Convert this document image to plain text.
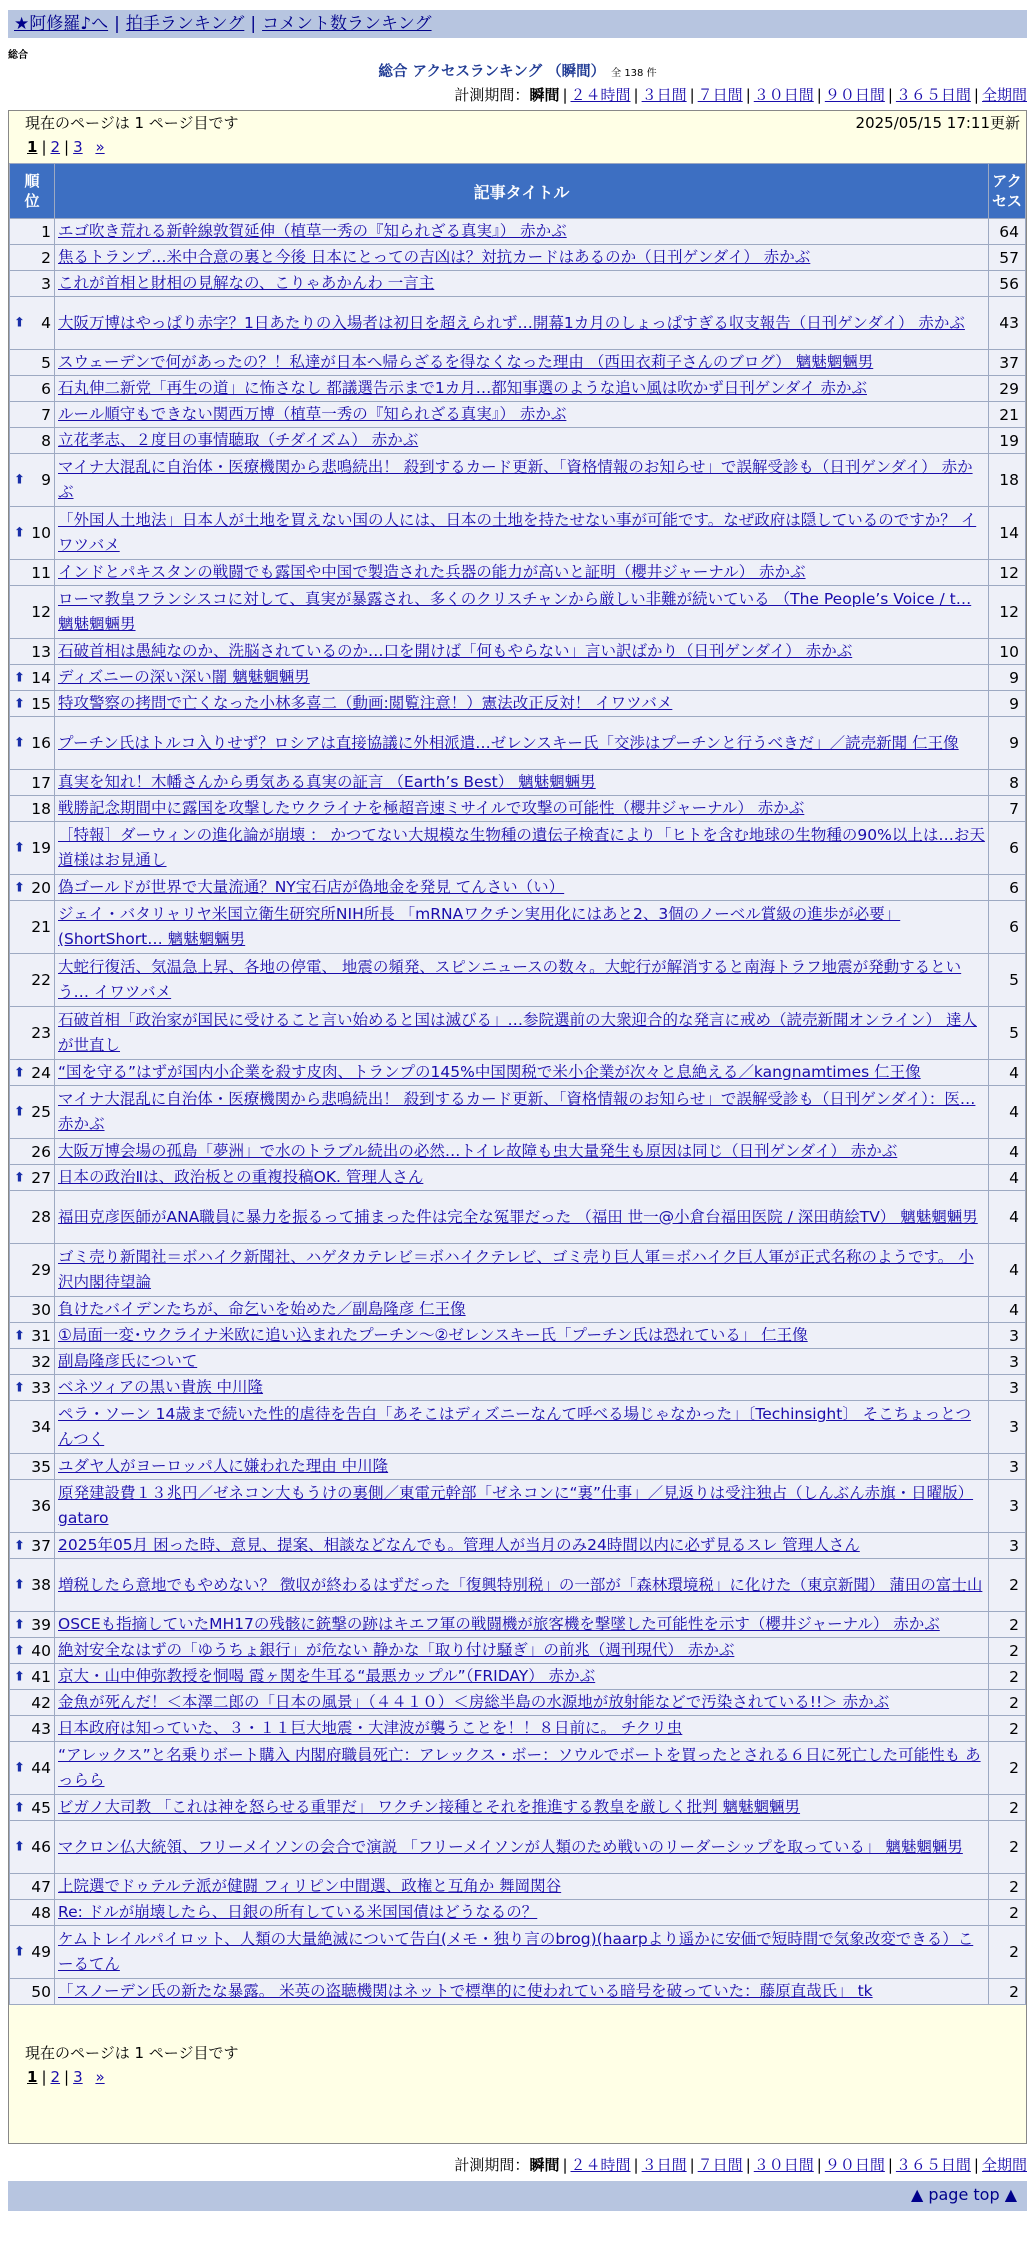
★阿修羅♪へ | 拍手ランキング | コメント数ランキング
総合
総合 アクセスランキング （瞬間） 全 138 件
計測期間：瞬間 | ２４時間 | ３日間 | ７日間 | ３０日間 | ９０日間 | ３６５日間 | 全期間
現在のページは 1 ページ目です	2025/05/15 17:11更新
1 | 2 | 3 »
順位	記事タイトル	アクセス
1	エゴ吹き荒れる新幹線敦賀延伸（植草一秀の『知られざる真実』） 赤かぶ	64
2	焦るトランプ…米中合意の裏と今後 日本にとっての吉凶は？対抗カードはあるのか（日刊ゲンダイ） 赤かぶ	57
3	これが首相と財相の見解なの、こりゃあかんわ 一言主	56

⬆ 4	大阪万博はやっぱり赤字？1日あたりの入場者は初日を超えられず…開幕1カ月のしょっぱすぎる収支報告（日刊ゲンダイ） 赤かぶ	43
5	スウェーデンで何があったの？！私達が日本へ帰らざるを得なくなった理由 （西田衣莉子さんのブログ） 魑魅魍魎男	37
6	石丸伸二新党「再生の道」に怖さなし 都議選告示まで1カ月…都知事選のような追い風は吹かず日刊ゲンダイ 赤かぶ	29
7	ルール順守もできない関西万博（植草一秀の『知られざる真実』） 赤かぶ	21
8	立花孝志、２度目の事情聴取（チダイズム） 赤かぶ	19

⬆ 9	マイナ大混乱に自治体・医療機関から悲鳴続出！ 殺到するカード更新、「資格情報のお知らせ」で誤解受診も（日刊ゲンダイ） 赤かぶ	18

⬆ 10	「外国人土地法」日本人が土地を買えない国の人には、日本の土地を持たせない事が可能です。なぜ政府は隠しているのですか？ イワツバメ	14
11	インドとパキスタンの戦闘でも露国や中国で製造された兵器の能力が高いと証明（櫻井ジャーナル） 赤かぶ	12
12	ローマ教皇フランシスコに対して、真実が暴露され、多くのクリスチャンから厳しい非難が続いている （The People’s Voice / t… 魑魅魍魎男	12
13	石破首相は愚純なのか、洗脳されているのか…口を開けば「何もやらない」言い訳ばかり（日刊ゲンダイ） 赤かぶ	10

⬆ 14	ディズニーの深い深い闇 魑魅魍魎男	9

⬆ 15	特攻警察の拷問で亡くなった小林多喜二（動画:閲覧注意！）憲法改正反対！ イワツバメ	9

⬆ 16	プーチン氏はトルコ入りせず？ロシアは直接協議に外相派遣…ゼレンスキー氏「交渉はプーチンと行うべきだ」／読売新聞 仁王像	9
17	真実を知れ！木幡さんから勇気ある真実の証言 （Earth’s Best） 魑魅魍魎男	8
18	戦勝記念期間中に露国を攻撃したウクライナを極超音速ミサイルで攻撃の可能性（櫻井ジャーナル） 赤かぶ	7

⬆ 19	［特報］ダーウィンの進化論が崩壊 ： かつてない大規模な生物種の遺伝子検査により「ヒトを含む地球の生物種の90%以上は…お天道様はお見通し	6

⬆ 20	偽ゴールドが世界で大量流通？NY宝石店が偽地金を発見 てんさい（い）	6
21	ジェイ・バタリャリヤ米国立衛生研究所NIH所長 「mRNAワクチン実用化にはあと2、3個のノーベル賞級の進歩が必要」 (ShortShort… 魑魅魍魎男	6
22	大蛇行復活、気温急上昇、各地の停電、 地震の頻発、スピンニュースの数々。大蛇行が解消すると南海トラフ地震が発動するという… イワツバメ	5
23	石破首相「政治家が国民に受けること言い始めると国は滅びる」…参院選前の大衆迎合的な発言に戒め（読売新聞オンライン） 達人が世直し	5

⬆ 24	“国を守る”はずが国内小企業を殺す皮肉、トランプの145%中国関税で米小企業が次々と息絶える／kangnamtimes 仁王像	4

⬆ 25	マイナ大混乱に自治体・医療機関から悲鳴続出！ 殺到するカード更新、「資格情報のお知らせ」で誤解受診も（日刊ゲンダイ）：医… 赤かぶ	4
26	大阪万博会場の孤島「夢洲」で水のトラブル続出の必然…トイレ故障も虫大量発生も原因は同じ（日刊ゲンダイ） 赤かぶ	4

⬆ 27	日本の政治Ⅱは、政治板との重複投稿OK. 管理人さん	4
28	福田克彦医師がANA職員に暴力を振るって捕まった件は完全な冤罪だった （福田 世一@小倉台福田医院 / 深田萌絵TV） 魑魅魍魎男	4
29	ゴミ売り新聞社＝ボハイク新聞社、ハゲタカテレビ＝ボハイクテレビ、ゴミ売り巨人軍＝ボハイク巨人軍が正式名称のようです。 小沢内閣待望論	4
30	負けたバイデンたちが、命乞いを始めた／副島隆彦 仁王像	4

⬆ 31	①局面一変･ウクライナ米欧に追い込まれたプーチン～②ゼレンスキー氏「プーチン氏は恐れている」 仁王像	3
32	副島隆彦氏について	3

⬆ 33	ベネツィアの黒い貴族 中川隆	3
34	ペラ・ソーン 14歳まで続いた性的虐待を告白「あそこはディズニーなんて呼べる場じゃなかった」〔Techinsight〕 そこちょっとつんつく	3
35	ユダヤ人がヨーロッパ人に嫌われた理由 中川隆	3
36	原発建設費１３兆円／ゼネコン大もうけの裏側／東電元幹部「ゼネコンに“裏”仕事」／見返りは受注独占（しんぶん赤旗・日曜版） gataro	3

⬆ 37	2025年05月 困った時、意見、提案、相談などなんでも。管理人が当月のみ24時間以内に必ず見るスレ 管理人さん	3

⬆ 38	増税したら意地でもやめない？ 徴収が終わるはずだった「復興特別税」の一部が「森林環境税」に化けた（東京新聞） 蒲田の富士山	2

⬆ 39	OSCEも指摘していたMH17の残骸に銃撃の跡はキエフ軍の戦闘機が旅客機を撃墜した可能性を示す（櫻井ジャーナル） 赤かぶ	2

⬆ 40	絶対安全なはずの「ゆうちょ銀行」が危ない 静かな「取り付け騒ぎ」の前兆（週刊現代） 赤かぶ	2

⬆ 41	京大・山中伸弥教授を恫喝 霞ヶ関を牛耳る“最悪カップル”（FRIDAY） 赤かぶ	2
42	金魚が死んだ！＜本澤二郎の「日本の風景」（４４１０）＜房総半島の水源地が放射能などで汚染されている!!＞ 赤かぶ	2
43	日本政府は知っていた、３・１１巨大地震・大津波が襲うことを！！８日前に。 チクリ虫	2

⬆ 44	“アレックス”と名乗りボート購入 内閣府職員死亡：アレックス・ボー：ソウルでボートを買ったとされる６日に死亡した可能性も あっらら	2

⬆ 45	ビガノ大司教 「これは神を怒らせる重罪だ」 ワクチン接種とそれを推進する教皇を厳しく批判 魑魅魍魎男	2

⬆ 46	マクロン仏大統領、フリーメイソンの会合で演説 「フリーメイソンが人類のため戦いのリーダーシップを取っている」 魑魅魍魎男	2
47	上院選でドゥテルテ派が健闘 フィリピン中間選、政権と互角か 舞岡関谷	2
48	Re: ドルが崩壊したら、日銀の所有している米国国債はどうなるの？	2

⬆ 49	ケムトレイルパイロット、人類の大量絶滅について告白(メモ・独り言のbrog)(haarpより遥かに安価で短時間で気象改変できる）こーるてん	2
50	「スノーデン氏の新たな暴露。 米英の盗聴機関はネットで標準的に使われている暗号を破っていた：藤原直哉氏」 tk	2
現在のページは 1 ページ目です
1 | 2 | 3 »
計測期間：瞬間 | ２４時間 | ３日間 | ７日間 | ３０日間 | ９０日間 | ３６５日間 | 全期間
▲ page top ▲
